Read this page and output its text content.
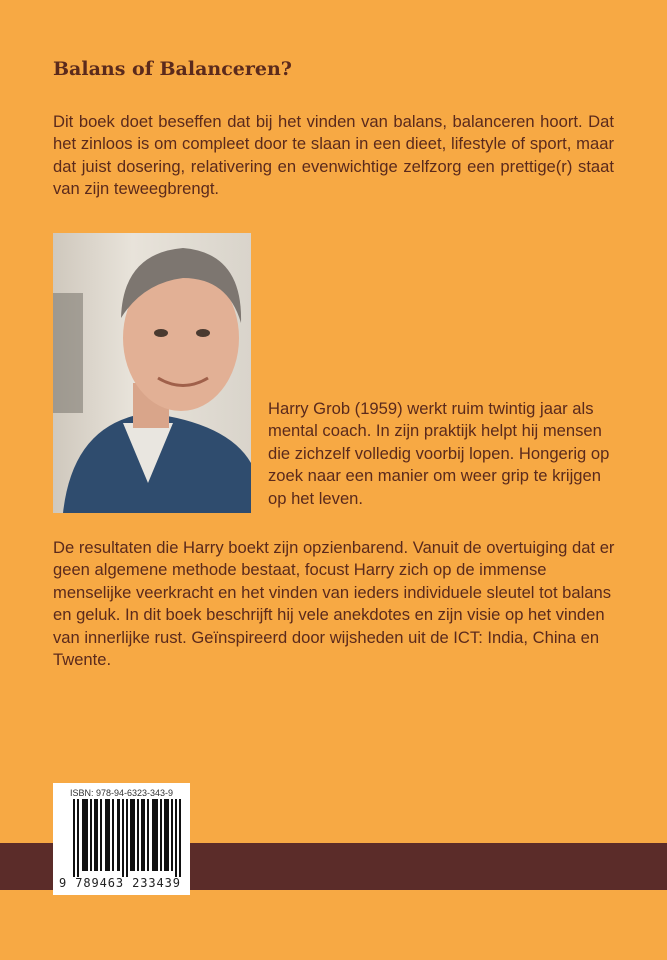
Balans of Balanceren?

Dit boek doet beseffen dat bij het vinden van balans, balanceren hoort. Dat het zinloos is om compleet door te slaan in een dieet, lifestyle of sport, maar dat juist dosering, relativering en evenwichtige zelfzorg een prettige(r) staat van zijn teweegbrengt.

Harry Grob (1959) werkt ruim twintig jaar als mental coach. In zijn praktijk helpt hij mensen die zichzelf volledig voorbij lopen. Hongerig op zoek naar een manier om weer grip te krijgen op het leven.

De resultaten die Harry boekt zijn opzienbarend. Vanuit de overtuiging dat er geen algemene methode bestaat, focust Harry zich op de immense menselijke veerkracht en het vinden van ieders individuele sleutel tot balans en geluk. In dit boek beschrijft hij vele anekdotes en zijn visie op het vinden van innerlijke rust. Geïnspireerd door wijsheden uit de ICT: India, China en Twente.

ISBN: 978-94-6323-343-9
9 789463 233439
